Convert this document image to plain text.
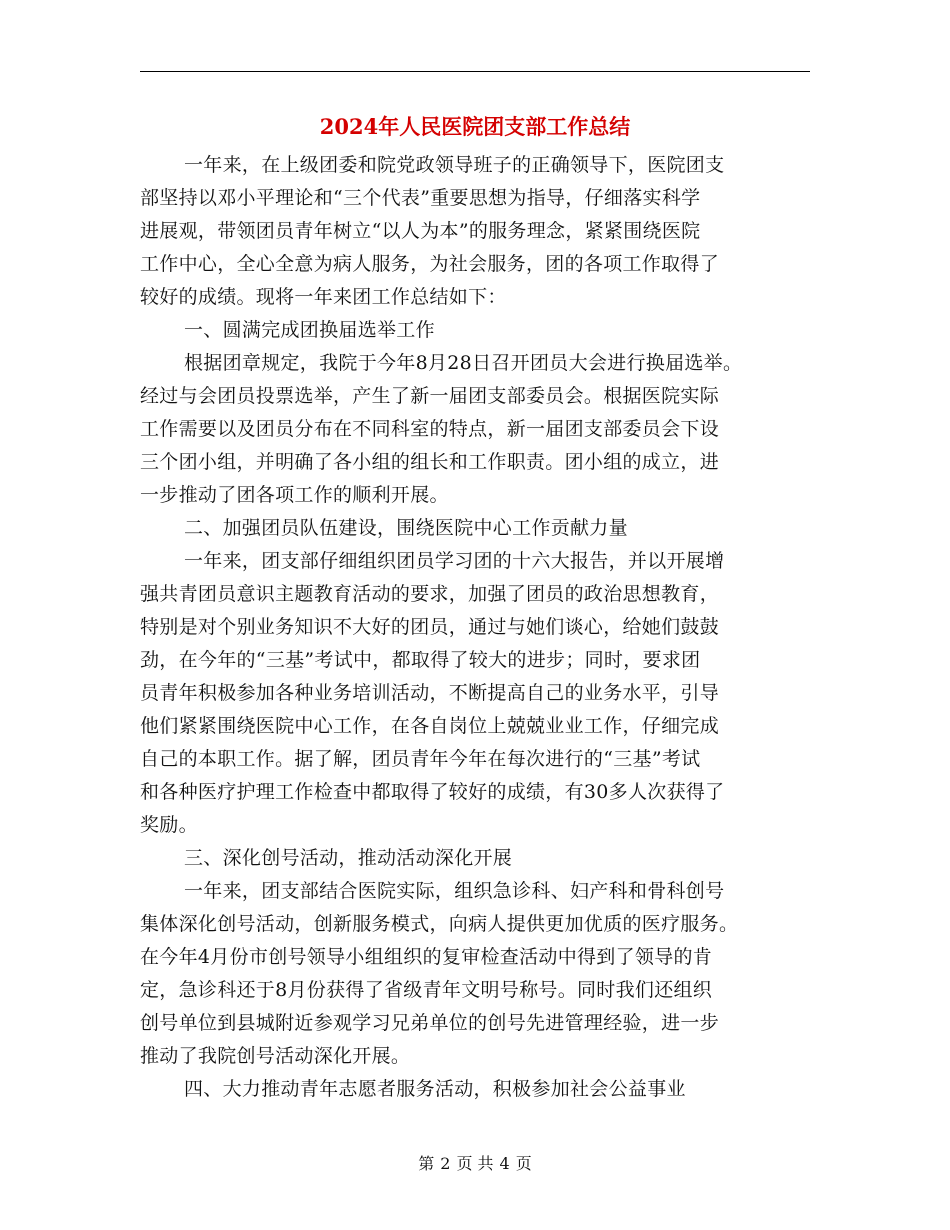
2024年人民医院团支部工作总结
一年来，在上级团委和院党政领导班子的正确领导下，医院团支
部坚持以邓小平理论和“三个代表”重要思想为指导，仔细落实科学
进展观，带领团员青年树立“以人为本”的服务理念，紧紧围绕医院
工作中心，全心全意为病人服务，为社会服务，团的各项工作取得了
较好的成绩。现将一年来团工作总结如下：
一、圆满完成团换届选举工作
根据团章规定，我院于今年8月28日召开团员大会进行换届选举。
经过与会团员投票选举，产生了新一届团支部委员会。根据医院实际
工作需要以及团员分布在不同科室的特点，新一届团支部委员会下设
三个团小组，并明确了各小组的组长和工作职责。团小组的成立，进
一步推动了团各项工作的顺利开展。
二、加强团员队伍建设，围绕医院中心工作贡献力量
一年来，团支部仔细组织团员学习团的十六大报告，并以开展增
强共青团员意识主题教育活动的要求，加强了团员的政治思想教育，
特别是对个别业务知识不大好的团员，通过与她们谈心，给她们鼓鼓
劲，在今年的“三基”考试中，都取得了较大的进步；同时，要求团
员青年积极参加各种业务培训活动，不断提高自己的业务水平，引导
他们紧紧围绕医院中心工作，在各自岗位上兢兢业业工作，仔细完成
自己的本职工作。据了解，团员青年今年在每次进行的“三基”考试
和各种医疗护理工作检查中都取得了较好的成绩，有30多人次获得了
奖励。
三、深化创号活动，推动活动深化开展
一年来，团支部结合医院实际，组织急诊科、妇产科和骨科创号
集体深化创号活动，创新服务模式，向病人提供更加优质的医疗服务。
在今年4月份市创号领导小组组织的复审检查活动中得到了领导的肯
定，急诊科还于8月份获得了省级青年文明号称号。同时我们还组织
创号单位到县城附近参观学习兄弟单位的创号先进管理经验，进一步
推动了我院创号活动深化开展。
四、大力推动青年志愿者服务活动，积极参加社会公益事业
第 2 页 共 4 页
